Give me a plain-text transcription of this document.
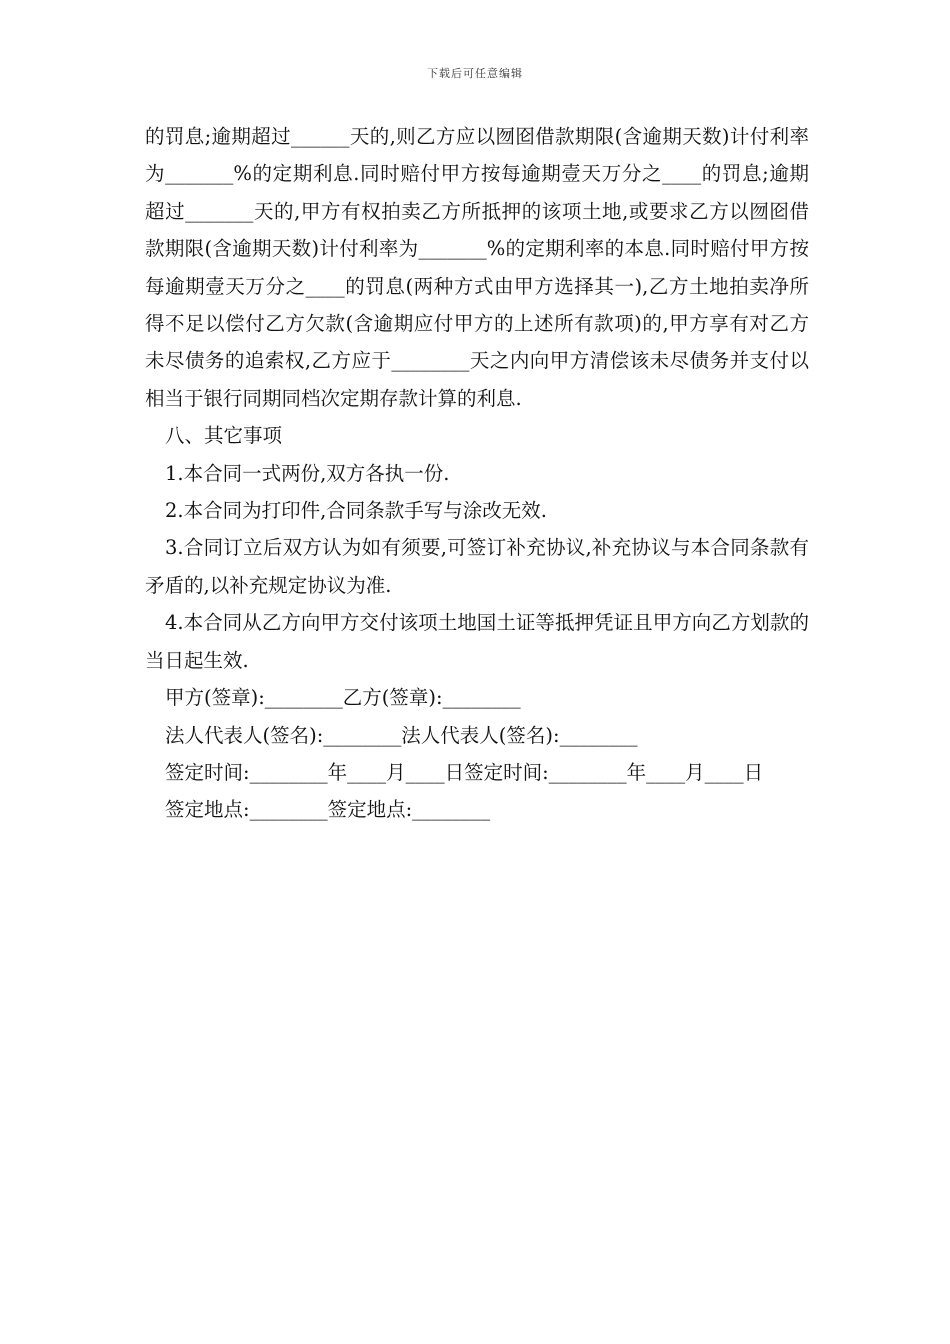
下载后可任意编辑

的罚息;逾期超过______天的,则乙方应以囫囵借款期限(含逾期天数)计付利率为_______%的定期利息.同时赔付甲方按每逾期壹天万分之____的罚息;逾期超过_______天的,甲方有权拍卖乙方所抵押的该项土地,或要求乙方以囫囵借款期限(含逾期天数)计付利率为_______%的定期利率的本息.同时赔付甲方按每逾期壹天万分之____的罚息(两种方式由甲方选择其一),乙方土地拍卖净所得不足以偿付乙方欠款(含逾期应付甲方的上述所有款项)的,甲方享有对乙方未尽债务的追索权,乙方应于________天之内向甲方清偿该未尽债务并支付以相当于银行同期同档次定期存款计算的利息.

八、其它事项

1.本合同一式两份,双方各执一份.

2.本合同为打印件,合同条款手写与涂改无效.

3.合同订立后双方认为如有须要,可签订补充协议,补充协议与本合同条款有矛盾的,以补充规定协议为准.

4.本合同从乙方向甲方交付该项土地国土证等抵押凭证且甲方向乙方划款的当日起生效.

甲方(签章):________乙方(签章):________

法人代表人(签名):________法人代表人(签名):________

签定时间:________年____月____日签定时间:________年____月____日

签定地点:________签定地点:________
